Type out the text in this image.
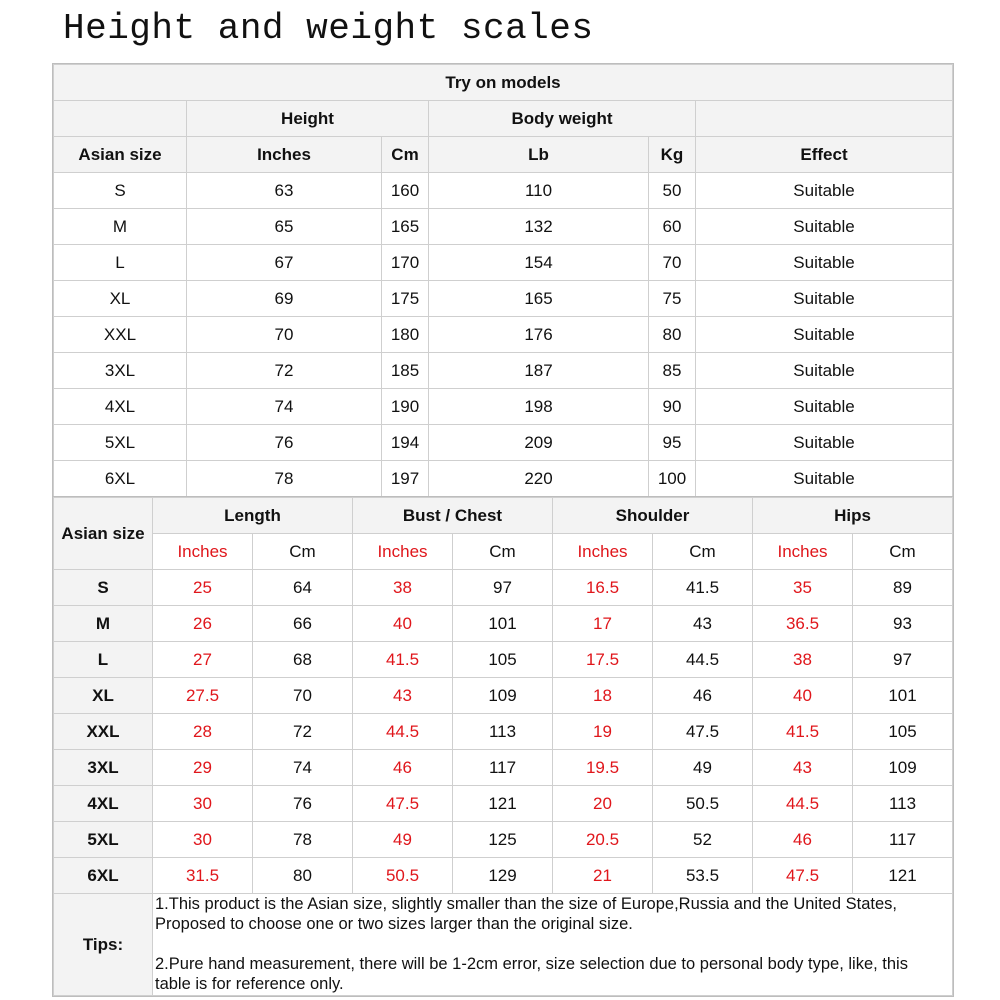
Height and weight scales
Try on models					
	Height		Body weight		
Asian size	Inches	Cm	Lb	Kg	Effect
S	63	160	110	50	Suitable
M	65	165	132	60	Suitable
L	67	170	154	70	Suitable
XL	69	175	165	75	Suitable
XXL	70	180	176	80	Suitable
3XL	72	185	187	85	Suitable
4XL	74	190	198	90	Suitable
5XL	76	194	209	95	Suitable
6XL	78	197	220	100	Suitable
Asian size	Length		Bust / Chest		Shoulder		Hips	
	Inches	Cm	Inches	Cm	Inches	Cm	Inches	Cm
S	25	64	38	97	16.5	41.5	35	89
M	26	66	40	101	17	43	36.5	93
L	27	68	41.5	105	17.5	44.5	38	97
XL	27.5	70	43	109	18	46	40	101
XXL	28	72	44.5	113	19	47.5	41.5	105
3XL	29	74	46	117	19.5	49	43	109
4XL	30	76	47.5	121	20	50.5	44.5	113
5XL	30	78	49	125	20.5	52	46	117
6XL	31.5	80	50.5	129	21	53.5	47.5	121
Tips:	1.This product is the Asian size, slightly smaller than the size of Europe,Russia and the United States, Proposed to choose one or two sizes larger than the original size.
2.Pure hand measurement, there will be 1-2cm error, size selection due to personal body type, like, this table is for reference only.							
